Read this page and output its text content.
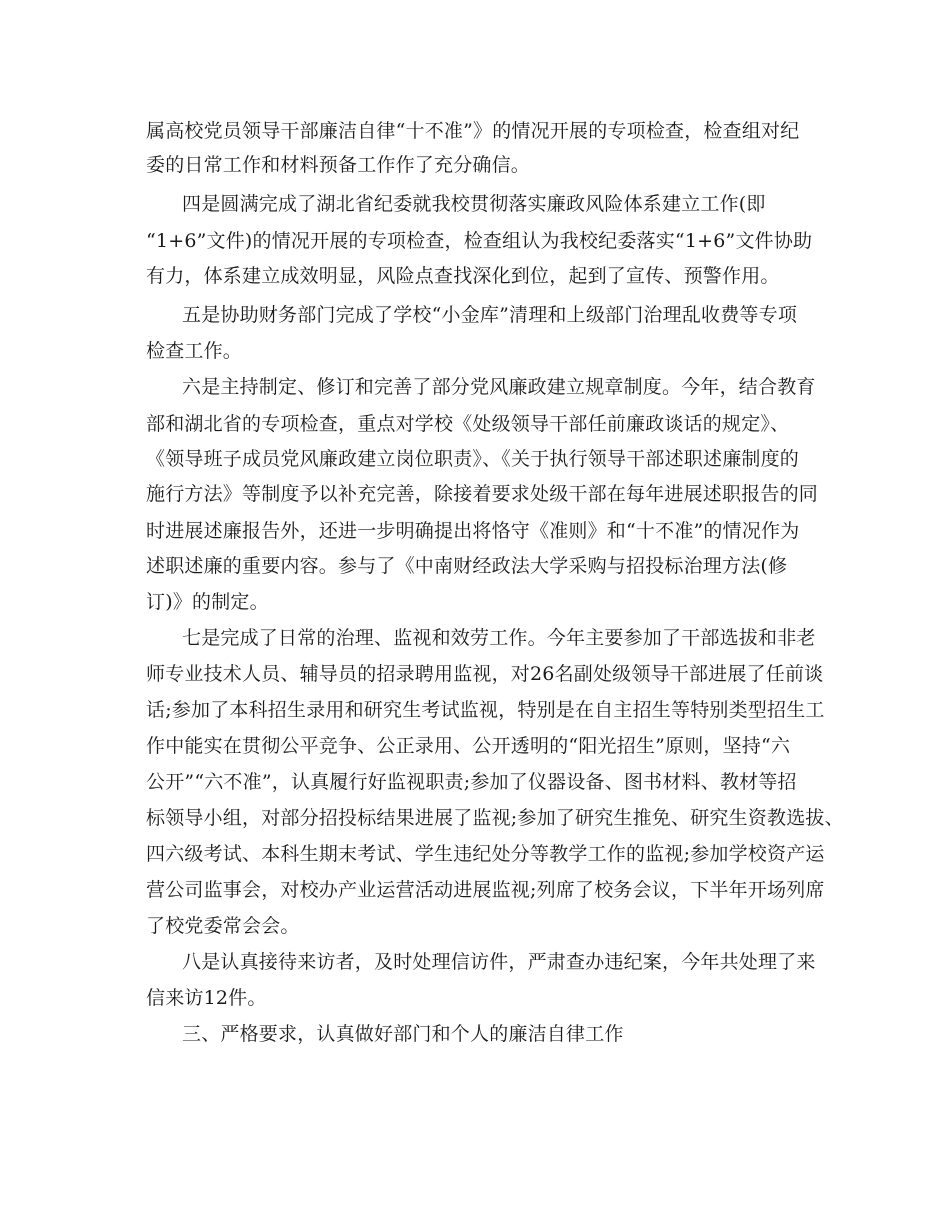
属高校党员领导干部廉洁自律“十不准”》的情况开展的专项检查，检查组对纪
委的日常工作和材料预备工作作了充分确信。
四是圆满完成了湖北省纪委就我校贯彻落实廉政风险体系建立工作(即
“1+6”文件)的情况开展的专项检查，检查组认为我校纪委落实“1+6”文件协助
有力，体系建立成效明显，风险点查找深化到位，起到了宣传、预警作用。
五是协助财务部门完成了学校“小金库”清理和上级部门治理乱收费等专项
检查工作。
六是主持制定、修订和完善了部分党风廉政建立规章制度。今年，结合教育
部和湖北省的专项检查，重点对学校《处级领导干部任前廉政谈话的规定》、
《领导班子成员党风廉政建立岗位职责》、《关于执行领导干部述职述廉制度的
施行方法》等制度予以补充完善，除接着要求处级干部在每年进展述职报告的同
时进展述廉报告外，还进一步明确提出将恪守《准则》和“十不准”的情况作为
述职述廉的重要内容。参与了《中南财经政法大学采购与招投标治理方法(修
订)》的制定。
七是完成了日常的治理、监视和效劳工作。今年主要参加了干部选拔和非老
师专业技术人员、辅导员的招录聘用监视，对26名副处级领导干部进展了任前谈
话;参加了本科招生录用和研究生考试监视，特别是在自主招生等特别类型招生工
作中能实在贯彻公平竞争、公正录用、公开透明的“阳光招生”原则，坚持“六
公开”“六不准”，认真履行好监视职责;参加了仪器设备、图书材料、教材等招
标领导小组，对部分招投标结果进展了监视;参加了研究生推免、研究生资教选拔、
四六级考试、本科生期末考试、学生违纪处分等教学工作的监视;参加学校资产运
营公司监事会，对校办产业运营活动进展监视;列席了校务会议，下半年开场列席
了校党委常会会。
八是认真接待来访者，及时处理信访件，严肃查办违纪案，今年共处理了来
信来访12件。
三、严格要求，认真做好部门和个人的廉洁自律工作
